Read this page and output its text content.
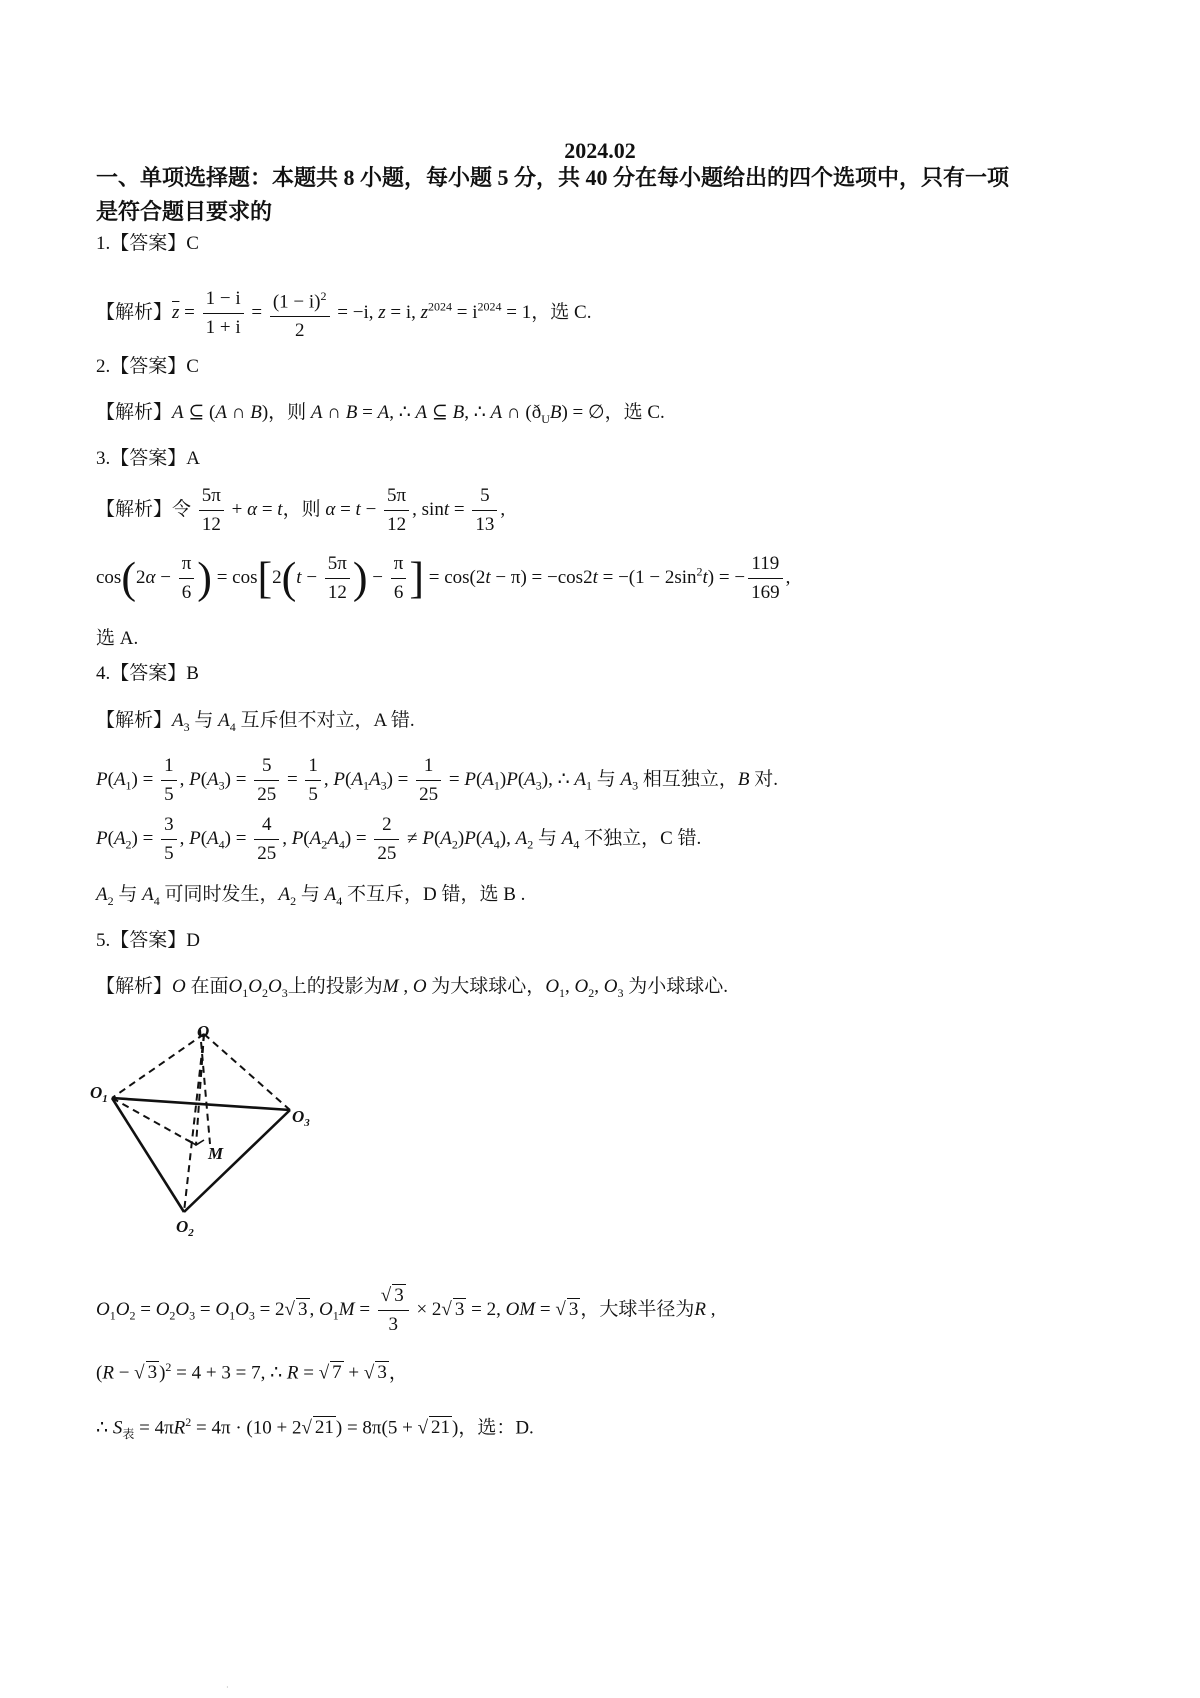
2024.02
一、单项选择题：本题共 8 小题，每小题 5 分，共 40 分在每小题给出的四个选项中，只有一项
是符合题目要求的
1.【答案】C
【解析】$\overline{z} = \frac{1 - i}{1 + i} = \frac{(1 - i)^2}{2} = -i$, z = i, $z^{2024} = i^{2024} = 1$，选 C.
2.【答案】C
【解析】A ⊆ (A ∩ B)，则 A ∩ B = A, ∴ A ⊆ B, ∴ A ∩ $(ð_UB)$ = ∅，选 C.
3.【答案】A
【解析】令 $\frac{5\pi}{12} + \alpha = t$，则 $\alpha = t - \frac{5\pi}{12}$ , $\sin t = \frac{5}{13}$ ,
$\cos(2\alpha - \frac{\pi}{6}$ ) = $\cos[2(t - \frac{5\pi}{12}$ ) − $\frac{\pi}{6}$ ] = $\cos(2t - \pi) = -\cos 2t = -(1 - 2\sin^2t)$ = − $\frac{119}{169}$ ,
选 A.
4.【答案】B
【解析】$A_3$ 与 $A_4$ 互斥但不对立，A 错.
$P(A_1) = \frac{1}{5}$ , $P(A_3) = \frac{5}{25} = \frac{1}{5}$ , $P(A_1A_3) = \frac{1}{25} = P(A_1)P(A_3)$, ∴ $A_1$ 与 $A_3$ 相互独立，B 对.
$P(A_2) = \frac{3}{5}$ , $P(A_4) = \frac{4}{25}$ , $P(A_2A_4) = \frac{2}{25} \ne P(A_2)P(A_4)$, $A_2$ 与 $A_4$ 不独立，C 错.
$A_2$ 与 $A_4$ 可同时发生，$A_2$ 与 $A_4$ 不互斥，D 错，选 B .
5.【答案】D
【解析】O 在面$O_1O_2O_3$上的投影为M , O 为大球球心，$O_1$, $O_2$, $O_3$ 为小球球心.
O
$O_1$
$O_3$
$O_2$
M
$O_1O_2 = O_2O_3 = O_1O_3 = 2√$ 3 , $O_1M = \frac{√ 3}{3} \times 2√$ 3 = 2, OM = √ 3 ，大球半径为R ,
(R − √ 3 )$^2$ = 4 + 3 = 7, ∴ R = √ 7 + √ 3 ，
∴ $S_表 = 4\pi R^2 = 4\pi \cdot (10 + 2√$ 21 ) = 8π(5 + √ 21 )，选：D.
·
